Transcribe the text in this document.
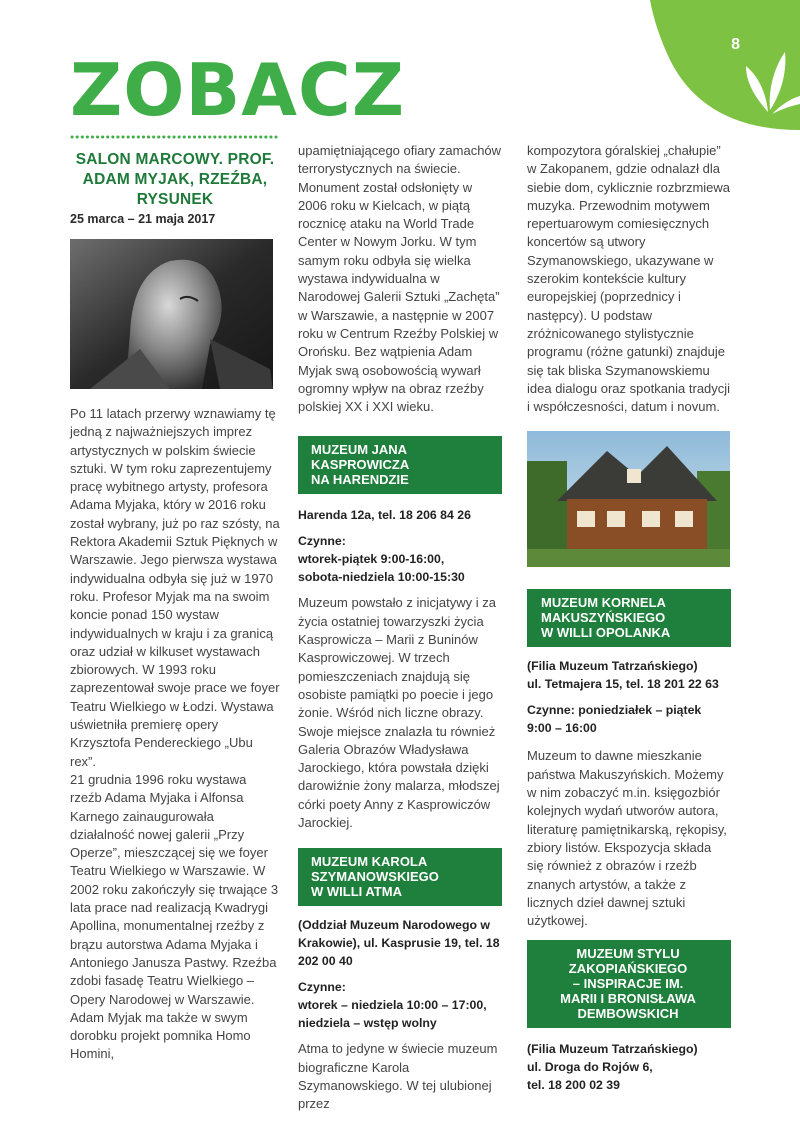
8
ZOBACZ
SALON MARCOWY. PROF. ADAM MYJAK, RZEŹBA, RYSUNEK
25 marca – 21 maja 2017

Po 11 latach przerwy wznawiamy tę jedną z najważniejszych imprez artystycznych w polskim świecie sztuki. W tym roku zaprezentujemy pracę wybitnego artysty, profesora Adama Myjaka, który w 2016 roku został wybrany, już po raz szósty, na Rektora Akademii Sztuk Pięknych w Warszawie. Jego pierwsza wystawa indywidualna odbyła się już w 1970 roku. Profesor Myjak ma na swoim koncie ponad 150 wystaw indywidualnych w kraju i za granicą oraz udział w kilkuset wystawach zbiorowych. W 1993 roku zaprezentował swoje prace we foyer Teatru Wielkiego w Łodzi. Wystawa uświetniła premierę opery Krzysztofa Pendereckiego „Ubu rex”.
21 grudnia 1996 roku wystawa rzeźb Adama Myjaka i Alfonsa Karnego zainaugurowała działalność nowej galerii „Przy Operze”, mieszczącej się we foyer Teatru Wielkiego w Warszawie. W 2002 roku zakończyły się trwające 3 lata prace nad realizacją Kwadrygi Apollina, monumentalnej rzeźby z brązu autorstwa Adama Myjaka i Antoniego Janusza Pastwy. Rzeźba zdobi fasadę Teatru Wielkiego – Opery Narodowej w Warszawie. Adam Myjak ma także w swym dorobku projekt pomnika Homo Homini,

upamiętniającego ofiary zamachów terrorystycznych na świecie. Monument został odsłonięty w 2006 roku w Kielcach, w piątą rocznicę ataku na World Trade Center w Nowym Jorku. W tym samym roku odbyła się wielka wystawa indywidualna w Narodowej Galerii Sztuki „Zachęta” w Warszawie, a następnie w 2007 roku w Centrum Rzeźby Polskiej w Orońsku. Bez wątpienia Adam Myjak swą osobowością wywarł ogromny wpływ na obraz rzeźby polskiej XX i XXI wieku.

MUZEUM JANA
KASPROWICZA
NA HARENDZIE

Harenda 12a, tel. 18 206 84 26

Czynne:
wtorek-piątek 9:00-16:00,
sobota-niedziela 10:00-15:30

Muzeum powstało z inicjatywy i za życia ostatniej towarzyszki życia Kasprowicza – Marii z Buninów Kasprowiczowej. W trzech pomieszczeniach znajdują się osobiste pamiątki po poecie i jego żonie. Wśród nich liczne obrazy. Swoje miejsce znalazła tu również Galeria Obrazów Władysława Jarockiego, która powstała dzięki darowiźnie żony malarza, młodszej córki poety Anny z Kasprowiczów Jarockiej.

MUZEUM KAROLA
SZYMANOWSKIEGO
W WILLI ATMA

(Oddział Muzeum Narodowego w Krakowie), ul. Kasprusie 19, tel. 18 202 00 40

Czynne:
wtorek – niedziela 10:00 – 17:00,
niedziela – wstęp wolny

Atma to jedyne w świecie muzeum biograficzne Karola Szymanowskiego. W tej ulubionej przez

kompozytora góralskiej „chałupie” w Zakopanem, gdzie odnalazł dla siebie dom, cyklicznie rozbrzmiewa muzyka. Przewodnim motywem repertuarowym comiesięcznych koncertów są utwory Szymanowskiego, ukazywane w szerokim kontekście kultury europejskiej (poprzednicy i następcy). U podstaw zróżnicowanego stylistycznie programu (różne gatunki) znajduje się tak bliska Szymanowskiemu idea dialogu oraz spotkania tradycji i współczesności, datum i novum.

MUZEUM KORNELA
MAKUSZYŃSKIEGO
W WILLI OPOLANKA

(Filia Muzeum Tatrzańskiego)
ul. Tetmajera 15, tel. 18 201 22 63

Czynne: poniedziałek – piątek
9:00 – 16:00

Muzeum to dawne mieszkanie państwa Makuszyńskich. Możemy w nim zobaczyć m.in. księgozbiór kolejnych wydań utworów autora, literaturę pamiętnikarską, rękopisy, zbiory listów. Ekspozycja składa się również z obrazów i rzeźb znanych artystów, a także z licznych dzieł dawnej sztuki użytkowej.

MUZEUM STYLU
ZAKOPIAŃSKIEGO
– INSPIRACJE IM.
MARII I BRONISŁAWA
DEMBOWSKICH

(Filia Muzeum Tatrzańskiego)
ul. Droga do Rojów 6,
tel. 18 200 02 39
